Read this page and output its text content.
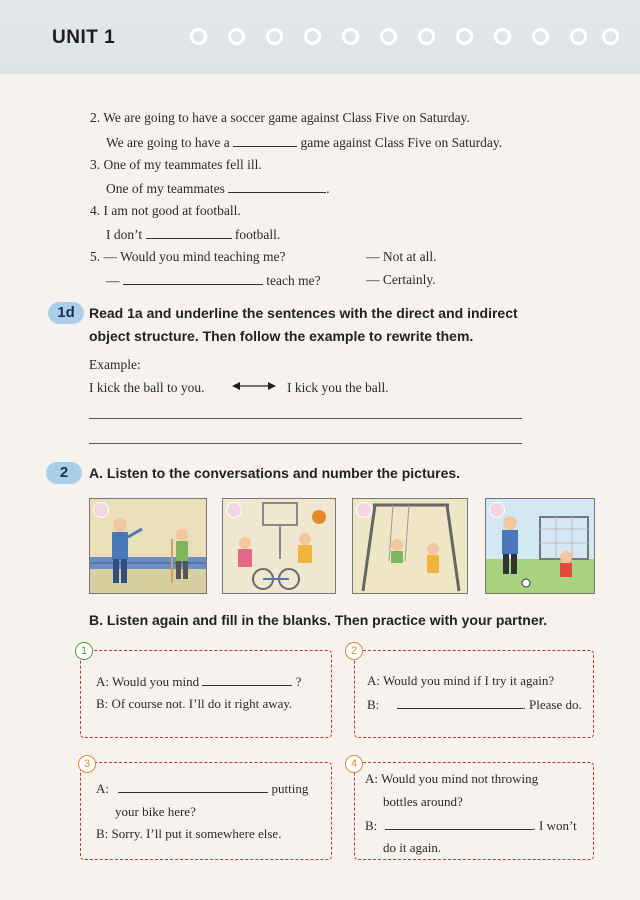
UNIT 1
2. We are going to have a soccer game against Class Five on Saturday.
We are going to have a	game against Class Five on Saturday.
3. One of my teammates fell ill.
One of my teammates	.
4. I am not good at football.
I don’t	football.
5. — Would you mind teaching me?	— Not at all.
—	teach me?	— Certainly.
1d	Read 1a and underline the sentences with the direct and indirect
object structure. Then follow the example to rewrite them.
Example:
I kick the ball to you.	I kick you the ball.
2	A. Listen to the conversations and number the pictures.
B. Listen again and fill in the blanks. Then practice with your partner.
1
A: Would you mind	?
B: Of course not. I’ll do it right away.
2
A: Would you mind if I try it again?
B:	. Please do.
3
A:	putting
your bike here?
B: Sorry. I’ll put it somewhere else.
4
A: Would you mind not throwing
bottles around?
B:	. I won’t
do it again.
